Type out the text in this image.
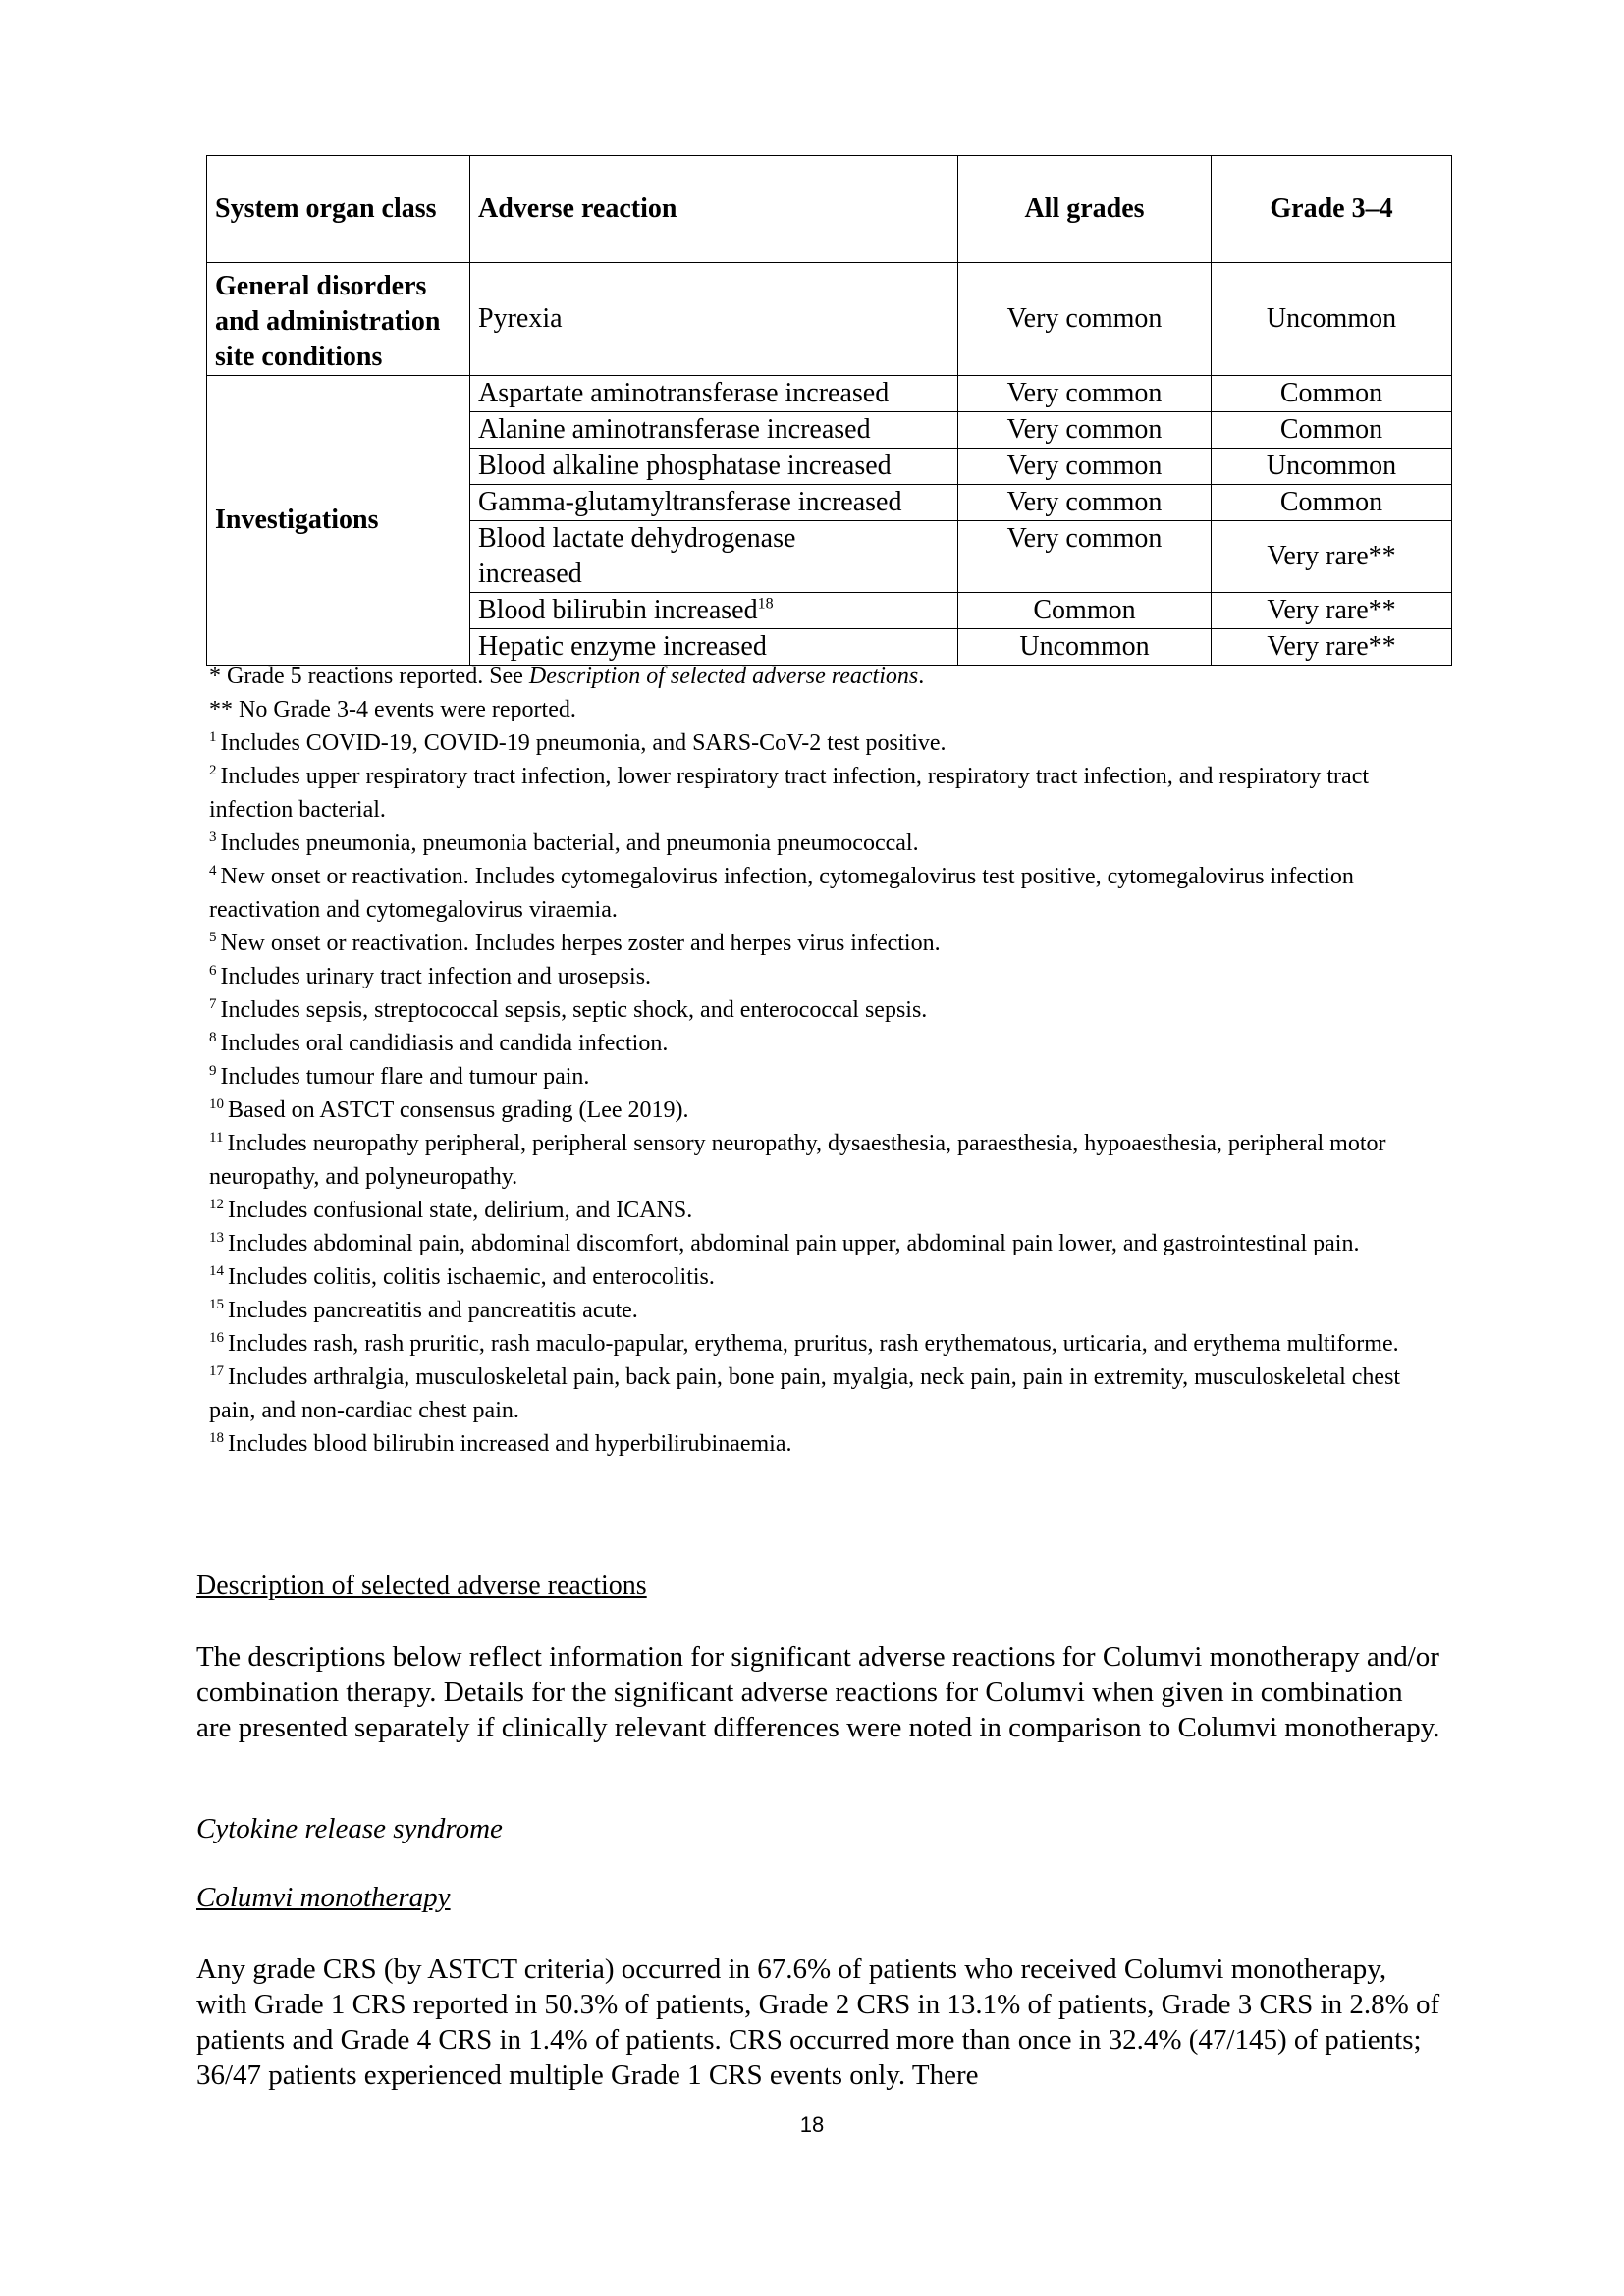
System organ class	Adverse reaction	All grades	Grade 3–4
General disorders and administration site conditions	Pyrexia	Very common	Uncommon
Investigations	Aspartate aminotransferase increased	Very common	Common
	Alanine aminotransferase increased	Very common	Common
	Blood alkaline phosphatase increased	Very common	Uncommon
	Gamma-glutamyltransferase increased	Very common	Common
	Blood lactate dehydrogenase increased	Very common	Very rare**
	Blood bilirubin increased$^{18}$	Common	Very rare**
	Hepatic enzyme increased	Uncommon	Very rare**

* Grade 5 reactions reported. See Description of selected adverse reactions.

** No Grade 3-4 events were reported.

$^1$ Includes COVID-19, COVID-19 pneumonia, and SARS-CoV-2 test positive.

$^2$ Includes upper respiratory tract infection, lower respiratory tract infection, respiratory tract infection, and respiratory tract infection bacterial.

$^3$ Includes pneumonia, pneumonia bacterial, and pneumonia pneumococcal.

$^4$ New onset or reactivation. Includes cytomegalovirus infection, cytomegalovirus test positive, cytomegalovirus infection reactivation and cytomegalovirus viraemia.

$^5$ New onset or reactivation. Includes herpes zoster and herpes virus infection.

$^6$ Includes urinary tract infection and urosepsis.

$^7$ Includes sepsis, streptococcal sepsis, septic shock, and enterococcal sepsis.

$^8$ Includes oral candidiasis and candida infection.

$^9$ Includes tumour flare and tumour pain.

$^{10}$ Based on ASTCT consensus grading (Lee 2019).

$^{11}$ Includes neuropathy peripheral, peripheral sensory neuropathy, dysaesthesia, paraesthesia, hypoaesthesia, peripheral motor neuropathy, and polyneuropathy.

$^{12}$ Includes confusional state, delirium, and ICANS.

$^{13}$ Includes abdominal pain, abdominal discomfort, abdominal pain upper, abdominal pain lower, and gastrointestinal pain.

$^{14}$ Includes colitis, colitis ischaemic, and enterocolitis.

$^{15}$ Includes pancreatitis and pancreatitis acute.

$^{16}$ Includes rash, rash pruritic, rash maculo-papular, erythema, pruritus, rash erythematous, urticaria, and erythema multiforme.

$^{17}$ Includes arthralgia, musculoskeletal pain, back pain, bone pain, myalgia, neck pain, pain in extremity, musculoskeletal chest pain, and non-cardiac chest pain.

$^{18}$ Includes blood bilirubin increased and hyperbilirubinaemia.

Description of selected adverse reactions

The descriptions below reflect information for significant adverse reactions for Columvi monotherapy and/or combination therapy. Details for the significant adverse reactions for Columvi when given in combination are presented separately if clinically relevant differences were noted in comparison to Columvi monotherapy.

Cytokine release syndrome
Columvi monotherapy

Any grade CRS (by ASTCT criteria) occurred in 67.6% of patients who received Columvi monotherapy, with Grade 1 CRS reported in 50.3% of patients, Grade 2 CRS in 13.1% of patients, Grade 3 CRS in 2.8% of patients and Grade 4 CRS in 1.4% of patients. CRS occurred more than once in 32.4% (47/145) of patients; 36/47 patients experienced multiple Grade 1 CRS events only. There

18
